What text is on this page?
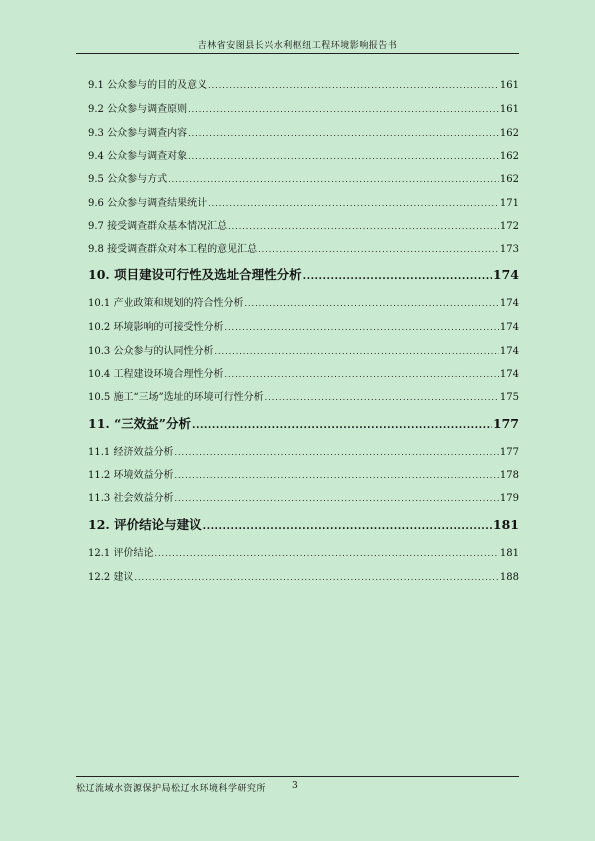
吉林省安图县长兴水利枢纽工程环境影响报告书
9.1 公众参与的目的及意义 .....	161
9.2 公众参与调查原则 .....	161
9.3 公众参与调查内容 .....	162
9.4 公众参与调查对象 .....	162
9.5 公众参与方式 .....	162
9.6 公众参与调查结果统计 .....	171
9.7 接受调查群众基本情况汇总 .....	172
9.8 接受调查群众对本工程的意见汇总 .....	173
10. 项目建设可行性及选址合理性分析 .....	174
10.1 产业政策和规划的符合性分析 .....	174
10.2 环境影响的可接受性分析 .....	174
10.3 公众参与的认同性分析 .....	174
10.4 工程建设环境合理性分析 .....	174
10.5 施工“三场”选址的环境可行性分析 .....	175
11. “三效益”分析 .....	177
11.1 经济效益分析 .....	177
11.2 环境效益分析 .....	178
11.3 社会效益分析 .....	179
12. 评价结论与建议 .....	181
12.1 评价结论 .....	181
12.2 建议 .....	188
松辽流域水资源保护局松辽水环境科学研究所	3
